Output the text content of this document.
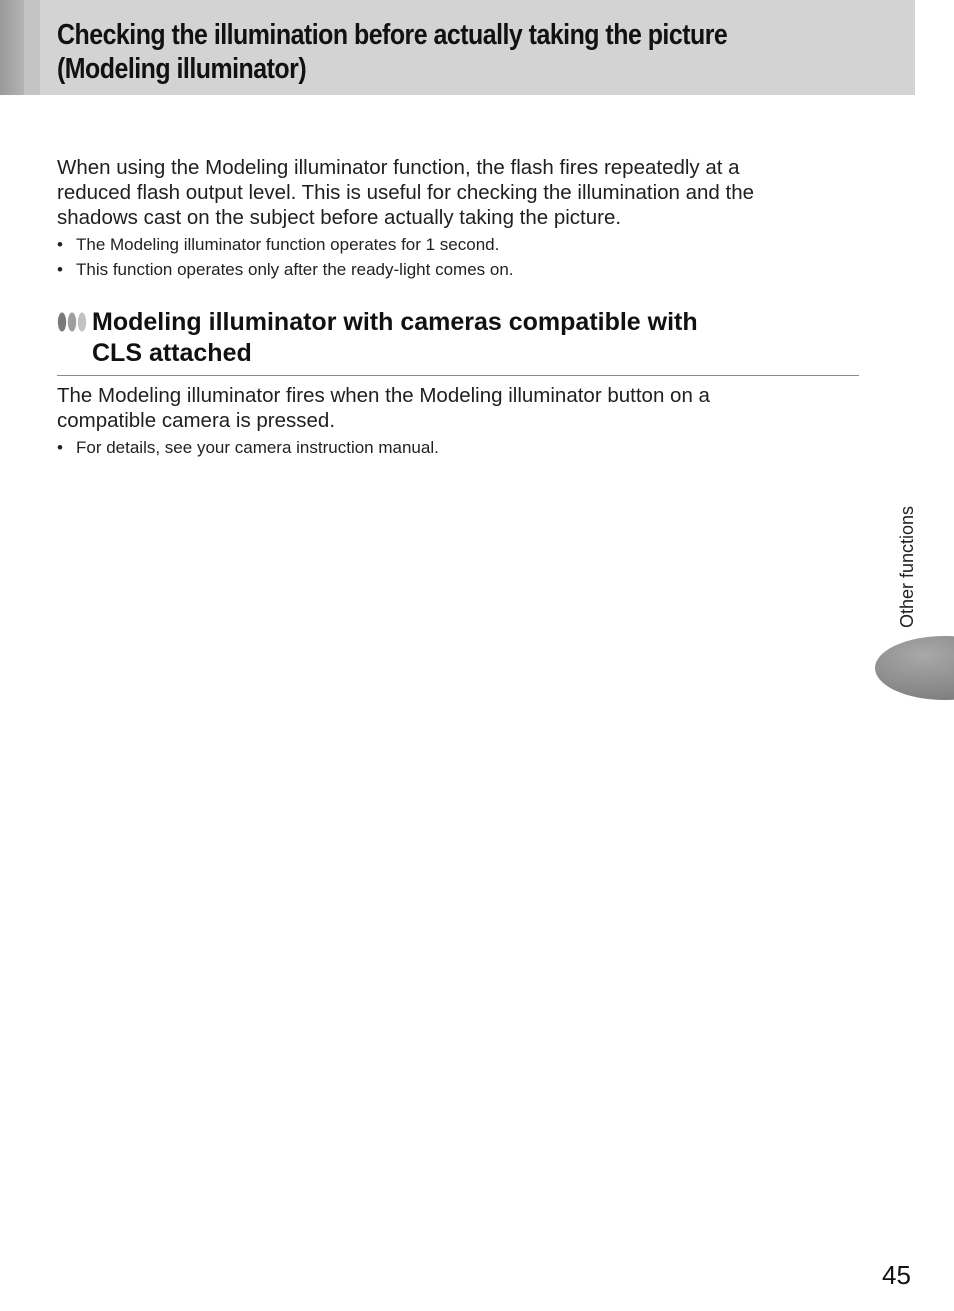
Checking the illumination before actually taking the picture
(Modeling illuminator)

When using the Modeling illuminator function, the flash fires repeatedly at a
reduced flash output level. This is useful for checking the illumination and the
shadows cast on the subject before actually taking the picture.

• The Modeling illuminator function operates for 1 second.
• This function operates only after the ready-light comes on.
Modeling illuminator with cameras compatible with
CLS attached

The Modeling illuminator fires when the Modeling illuminator button on a
compatible camera is pressed.

• For details, see your camera instruction manual.
Other functions
45
